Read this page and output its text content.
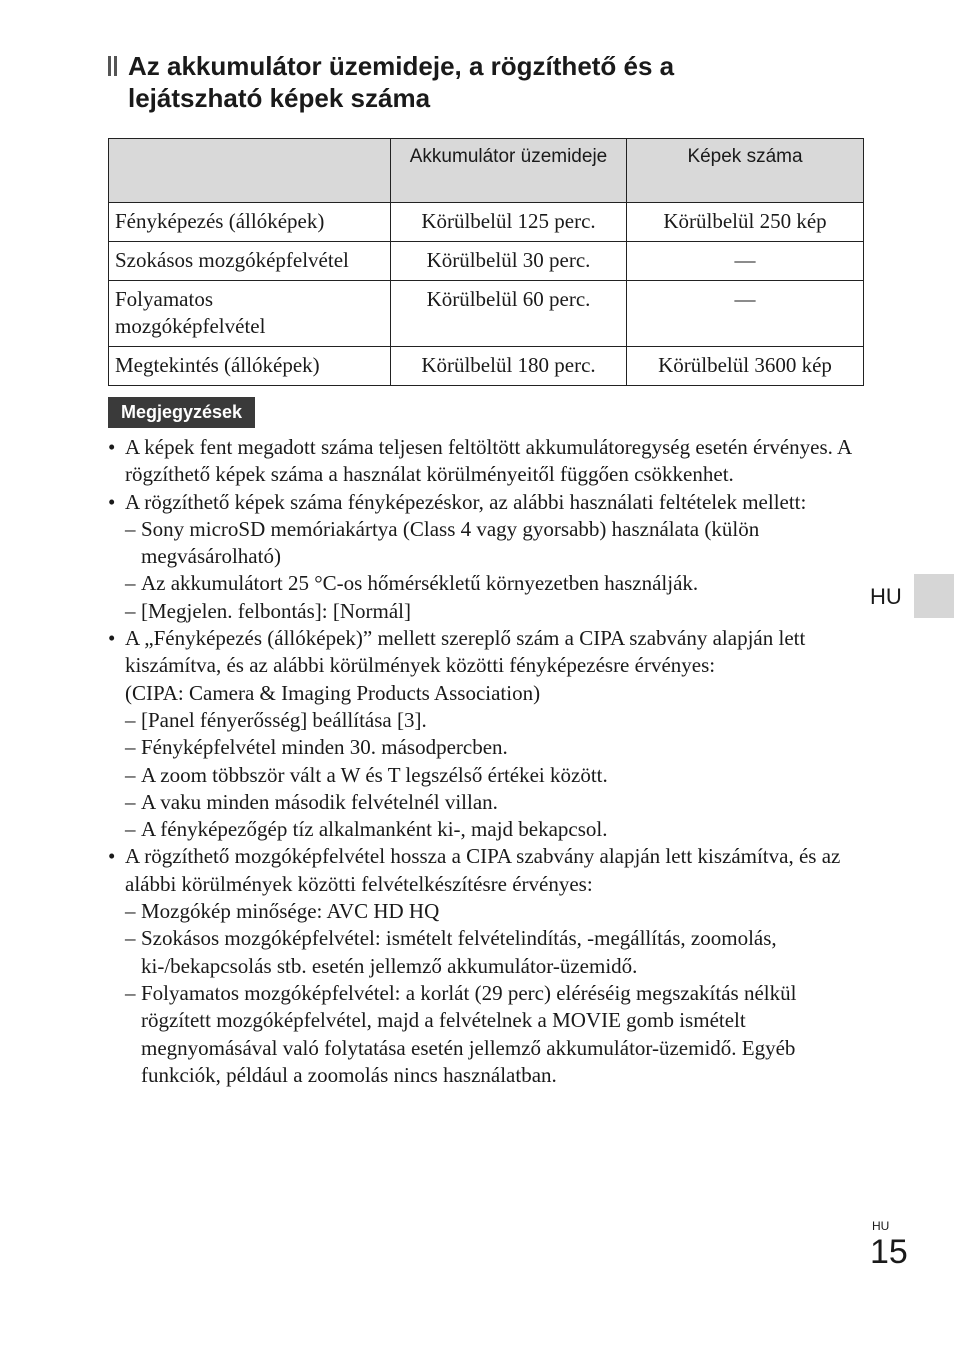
Az akkumulátor üzemideje, a rögzíthető és a
lejátszható képek száma
	Akkumulátor üzemideje	Képek száma
Fényképezés (állóképek)	Körülbelül 125 perc.	Körülbelül 250 kép
Szokásos mozgóképfelvétel	Körülbelül 30 perc.	—
Folyamatos mozgóképfelvétel	Körülbelül 60 perc.	—
Megtekintés (állóképek)	Körülbelül 180 perc.	Körülbelül 3600 kép
Megjegyzések
• A képek fent megadott száma teljesen feltöltött akkumulátoregység esetén érvényes. A rögzíthető képek száma a használat körülményeitől függően csökkenhet.
• A rögzíthető képek száma fényképezéskor, az alábbi használati feltételek mellett:
– Sony microSD memóriakártya (Class 4 vagy gyorsabb) használata (külön megvásárolható)
– Az akkumulátort 25 °C-os hőmérsékletű környezetben használják.
– [Megjelen. felbontás]: [Normál]
• A „Fényképezés (állóképek)” mellett szereplő szám a CIPA szabvány alapján lett kiszámítva, és az alábbi körülmények közötti fényképezésre érvényes:
(CIPA: Camera & Imaging Products Association)
– [Panel fényerősség] beállítása [3].
– Fényképfelvétel minden 30. másodpercben.
– A zoom többször vált a W és T legszélső értékei között.
– A vaku minden második felvételnél villan.
– A fényképezőgép tíz alkalmanként ki-, majd bekapcsol.
• A rögzíthető mozgóképfelvétel hossza a CIPA szabvány alapján lett kiszámítva, és az alábbi körülmények közötti felvételkészítésre érvényes:
– Mozgókép minősége: AVC HD HQ
– Szokásos mozgóképfelvétel: ismételt felvételindítás, -megállítás, zoomolás, ki-/bekapcsolás stb. esetén jellemző akkumulátor-üzemidő.
– Folyamatos mozgóképfelvétel: a korlát (29 perc) eléréséig megszakítás nélkül rögzített mozgóképfelvétel, majd a felvételnek a MOVIE gomb ismételt megnyomásával való folytatása esetén jellemző akkumulátor-üzemidő. Egyéb funkciók, például a zoomolás nincs használatban.
HU
HU
15
